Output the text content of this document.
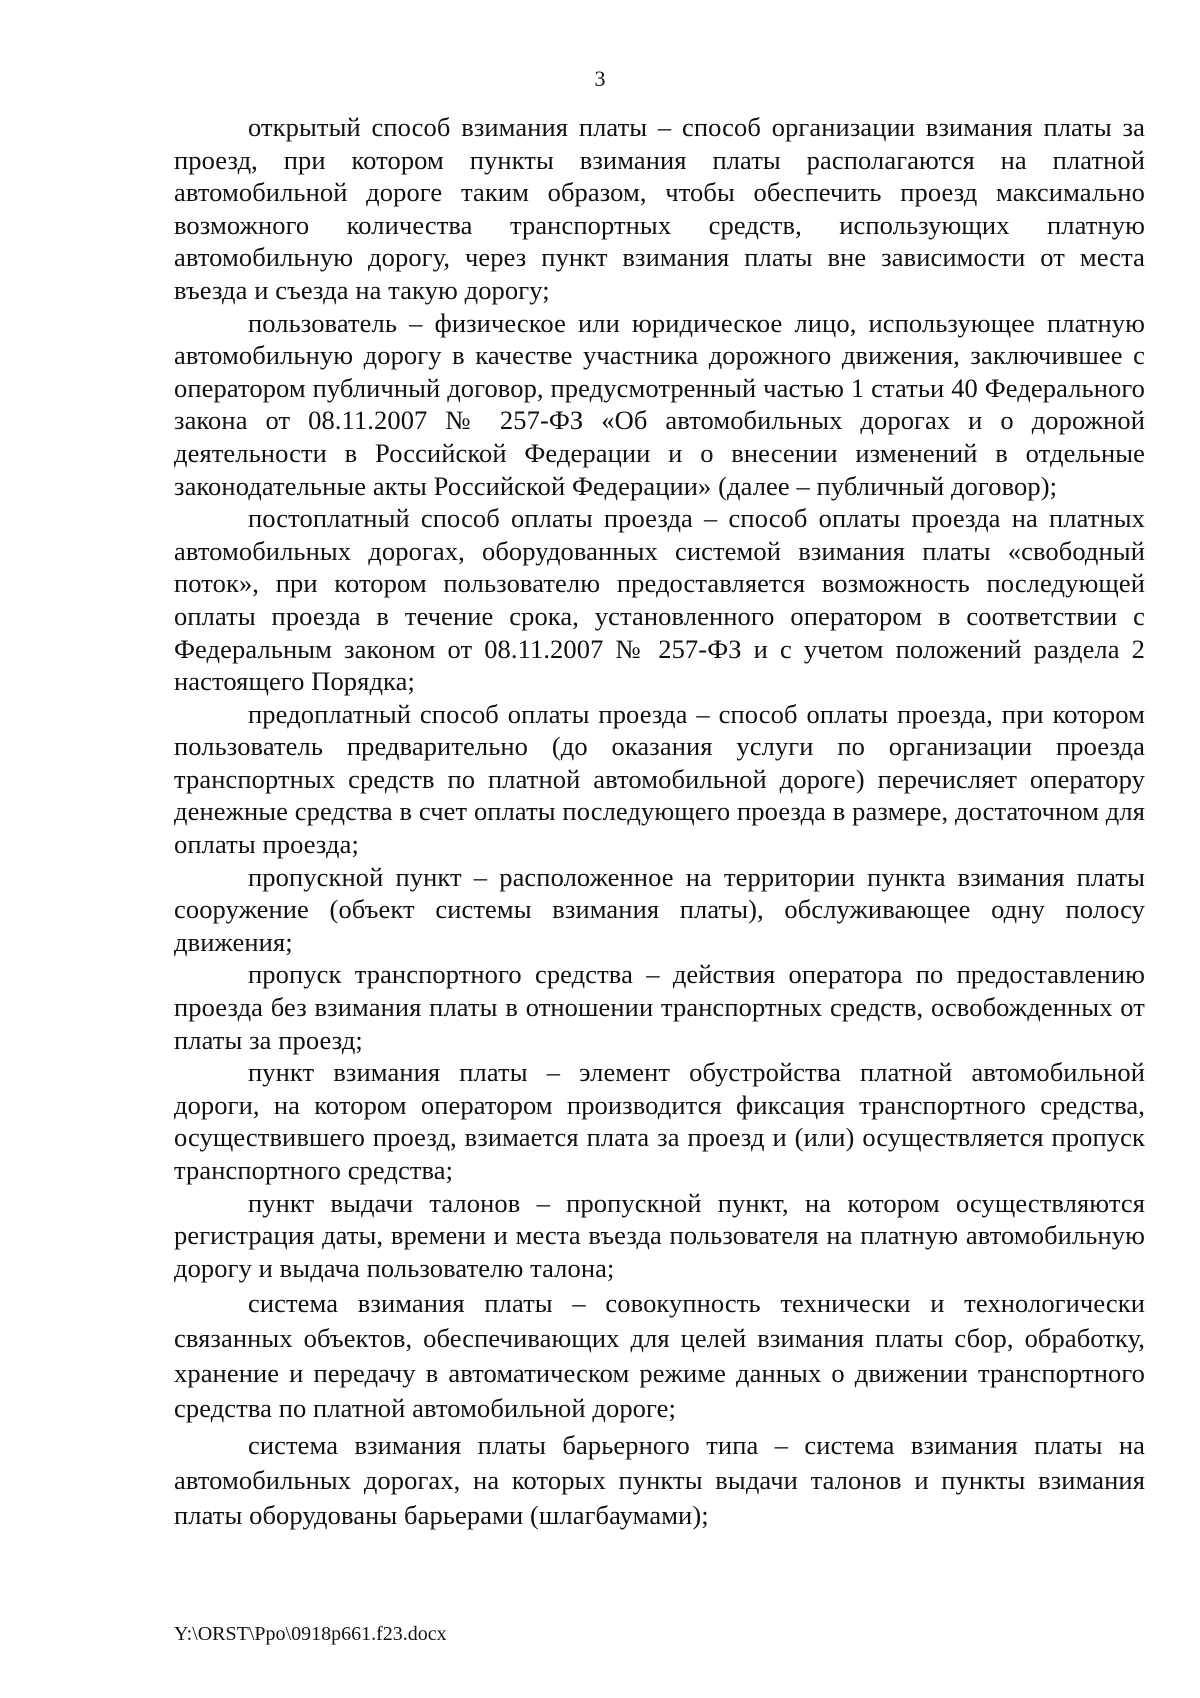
3

открытый способ взимания платы – способ организации взимания платы за проезд, при котором пункты взимания платы располагаются на платной автомобильной дороге таким образом, чтобы обеспечить проезд максимально возможного количества транспортных средств, использующих платную автомобильную дорогу, через пункт взимания платы вне зависимости от места въезда и съезда на такую дорогу;

пользователь – физическое или юридическое лицо, использующее платную автомобильную дорогу в качестве участника дорожного движения, заключившее с оператором публичный договор, предусмотренный частью 1 статьи 40 Федерального закона от 08.11.2007 № 257-ФЗ «Об автомобильных дорогах и о дорожной деятельности в Российской Федерации и о внесении изменений в отдельные законодательные акты Российской Федерации» (далее – публичный договор);

постоплатный способ оплаты проезда – способ оплаты проезда на платных автомобильных дорогах, оборудованных системой взимания платы «свободный поток», при котором пользователю предоставляется возможность последующей оплаты проезда в течение срока, установленного оператором в соответствии с Федеральным законом от 08.11.2007 № 257-ФЗ и с учетом положений раздела 2 настоящего Порядка;

предоплатный способ оплаты проезда – способ оплаты проезда, при котором пользователь предварительно (до оказания услуги по организации проезда транспортных средств по платной автомобильной дороге) перечисляет оператору денежные средства в счет оплаты последующего проезда в размере, достаточном для оплаты проезда;

пропускной пункт – расположенное на территории пункта взимания платы сооружение (объект системы взимания платы), обслуживающее одну полосу движения;

пропуск транспортного средства – действия оператора по предоставлению проезда без взимания платы в отношении транспортных средств, освобожденных от платы за проезд;

пункт взимания платы – элемент обустройства платной автомобильной дороги, на котором оператором производится фиксация транспортного средства, осуществившего проезд, взимается плата за проезд и (или) осуществляется пропуск транспортного средства;

пункт выдачи талонов – пропускной пункт, на котором осуществляются регистрация даты, времени и места въезда пользователя на платную автомобильную дорогу и выдача пользователю талона;

система взимания платы – совокупность технически и технологически связанных объектов, обеспечивающих для целей взимания платы сбор, обработку, хранение и передачу в автоматическом режиме данных о движении транспортного средства по платной автомобильной дороге;

система взимания платы барьерного типа – система взимания платы на автомобильных дорогах, на которых пункты выдачи талонов и пункты взимания платы оборудованы барьерами (шлагбаумами);

Y:\ORST\Ppo\0918p661.f23.docx
